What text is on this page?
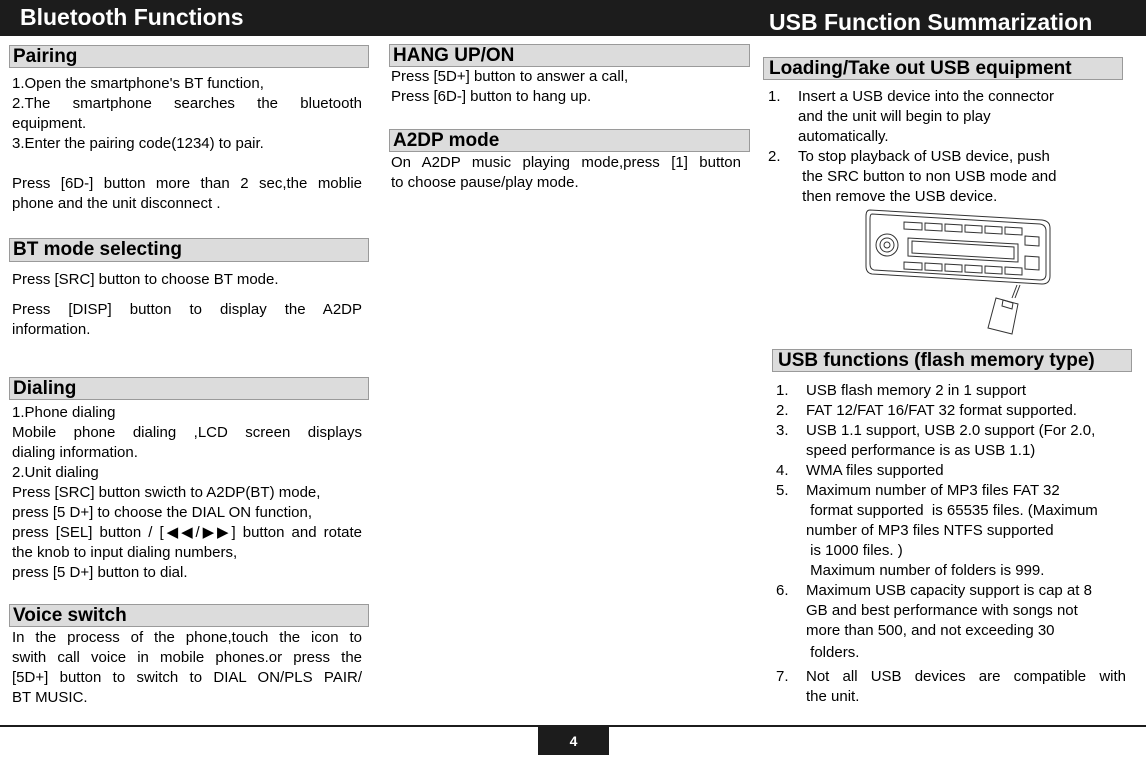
Bluetooth Functions	USB Function Summarization
Pairing
1.Open the smartphone's BT function,
2.The smartphone searches the bluetooth
equipment.
3.Enter the pairing code(1234) to pair.
Press [6D-] button more than 2 sec,the moblie
phone and the unit disconnect .
BT mode selecting
Press [SRC] button to choose BT mode.
Press [DISP] button to display the A2DP
information.
Dialing
1.Phone dialing
Mobile phone dialing ,LCD screen displays
dialing information.
2.Unit dialing
Press [SRC] button swicth to A2DP(BT) mode,
press [5 D+] to choose the DIAL ON function,
press [SEL] button / [◀◀/▶▶] button and rotate
the knob to input dialing numbers,
press [5 D+] button to dial.
Voice switch
In the process of the phone,touch the icon to
swith call voice in mobile phones.or press the
[5D+] button to switch to DIAL ON/PLS PAIR/
BT MUSIC.
HANG UP/ON
Press [5D+] button to answer a call,
Press [6D-] button to hang up.
A2DP mode
On A2DP music playing mode,press [1] button
to choose pause/play mode.
Loading/Take out USB equipment
1. Insert a USB device into the connector
and the unit will begin to play
automatically.
2. To stop playback of USB device, push
the SRC button to non USB mode and
then remove the USB device.
USB functions (flash memory type)
1. USB flash memory 2 in 1 support
2. FAT 12/FAT 16/FAT 32 format supported.
3. USB 1.1 support, USB 2.0 support (For 2.0,
speed performance is as USB 1.1)
4. WMA files supported
5. Maximum number of MP3 files FAT 32
format supported  is 65535 files. (Maximum
number of MP3 files NTFS supported
is 1000 files. )
Maximum number of folders is 999.
6. Maximum USB capacity support is cap at 8
GB and best performance with songs not
more than 500, and not exceeding 30
folders.
7. Not all USB devices are compatible with
the unit.
4
